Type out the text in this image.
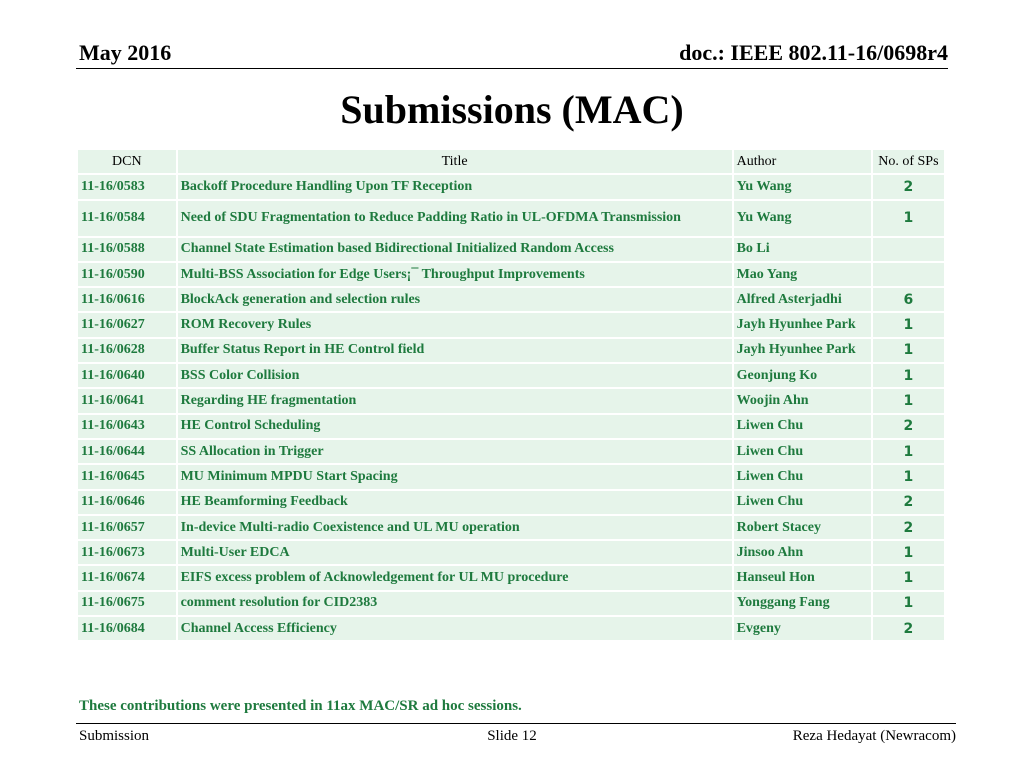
May 2016	doc.: IEEE 802.11-16/0698r4
Submissions (MAC)
DCN	Title	Author	No. of SPs
11-16/0583	Backoff Procedure Handling Upon TF Reception	Yu Wang	2
11-16/0584	Need of SDU Fragmentation to Reduce Padding Ratio in UL-OFDMA Transmission	Yu Wang	1
11-16/0588	Channel State Estimation based Bidirectional Initialized Random Access	Bo Li	
11-16/0590	Multi-BSS Association for Edge Users¡¯ Throughput Improvements	Mao Yang	
11-16/0616	BlockAck generation and selection rules	Alfred Asterjadhi	6
11-16/0627	ROM Recovery Rules	Jayh Hyunhee Park	1
11-16/0628	Buffer Status Report in HE Control field	Jayh Hyunhee Park	1
11-16/0640	BSS Color Collision	Geonjung Ko	1
11-16/0641	Regarding HE fragmentation	Woojin Ahn	1
11-16/0643	HE Control Scheduling	Liwen Chu	2
11-16/0644	SS Allocation in Trigger	Liwen Chu	1
11-16/0645	MU Minimum MPDU Start Spacing	Liwen Chu	1
11-16/0646	HE Beamforming Feedback	Liwen Chu	2
11-16/0657	In-device Multi-radio Coexistence and UL MU operation	Robert Stacey	2
11-16/0673	Multi-User EDCA	Jinsoo Ahn	1
11-16/0674	EIFS excess problem of Acknowledgement for UL MU procedure	Hanseul Hon	1
11-16/0675	comment resolution for CID2383	Yonggang Fang	1
11-16/0684	Channel Access Efficiency	Evgeny	2
These contributions were presented in 11ax MAC/SR ad hoc sessions.
Submission	Slide 12	Reza Hedayat (Newracom)
